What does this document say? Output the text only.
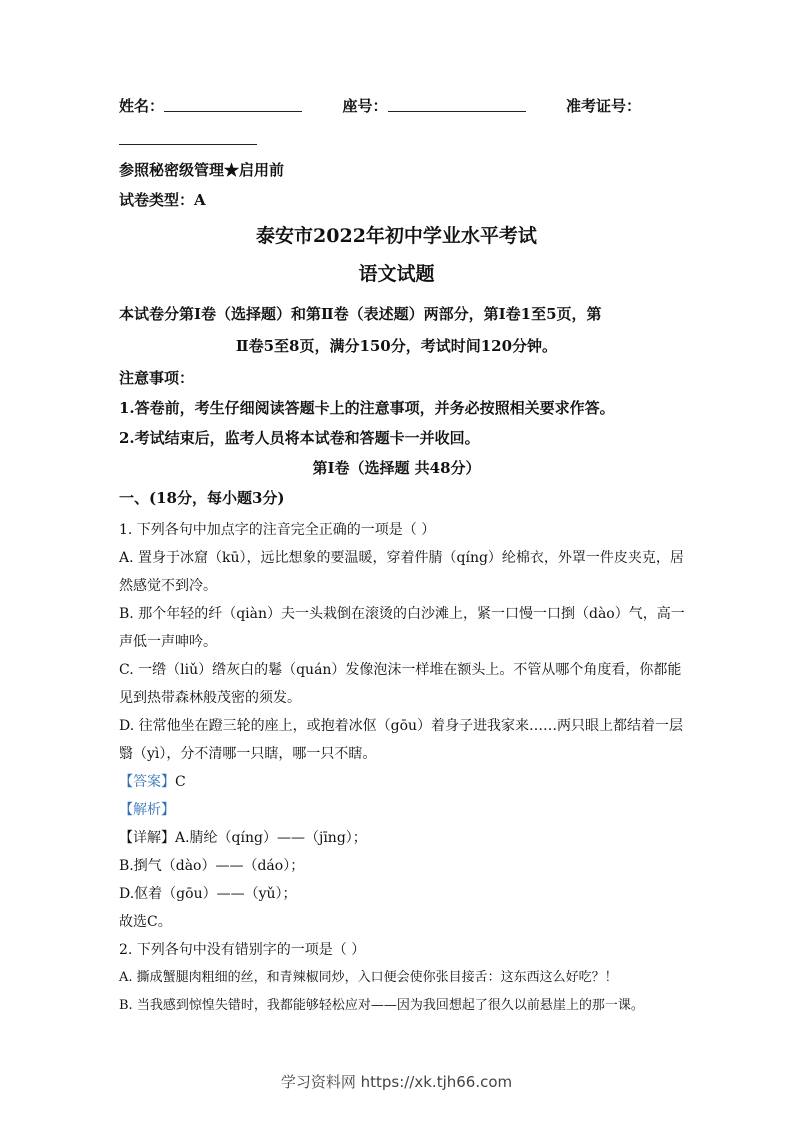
姓名：	座号：	准考证号：
参照秘密级管理★启用前
试卷类型：A
泰安市2022年初中学业水平考试
语文试题
本试卷分第Ⅰ卷（选择题）和第Ⅱ卷（表述题）两部分，第Ⅰ卷1至5页，第
Ⅱ卷5至8页，满分150分，考试时间120分钟。
注意事项：
1.答卷前，考生仔细阅读答题卡上的注意事项，并务必按照相关要求作答。
2.考试结束后，监考人员将本试卷和答题卡一并收回。
第Ⅰ卷（选择题 共48分）
一、(18分，每小题3分)
1. 下列各句中加点字的注音完全正确的一项是（ ）
A. 置身于冰窟（kū），远比想象的要温暖，穿着件腈（qíng）纶棉衣，外罩一件皮夹克，居
然感觉不到冷。
B. 那个年轻的纤（qiàn）夫一头栽倒在滚烫的白沙滩上，紧一口慢一口捯（dào）气，高一
声低一声呻吟。
C. 一绺（liǔ）绺灰白的鬈（quán）发像泡沫一样堆在额头上。不管从哪个角度看，你都能
见到热带森林般茂密的须发。
D. 往常他坐在蹬三轮的座上，或抱着冰伛（gōu）着身子进我家来……两只眼上都结着一层
翳（yì），分不清哪一只瞎，哪一只不瞎。
【答案】C
【解析】
【详解】A.腈纶（qíng）——（jīng）；
B.捯气（dào）——（dáo）；
D.伛着（gōu）——（yǔ）；
故选C。
2. 下列各句中没有错别字的一项是（ ）
A. 撕成蟹腿肉粗细的丝，和青辣椒同炒，入口便会使你张目接舌：这东西这么好吃？！
B. 当我感到惊惶失错时，我都能够轻松应对——因为我回想起了很久以前悬崖上的那一课。
学习资料网 https://xk.tjh66.com
